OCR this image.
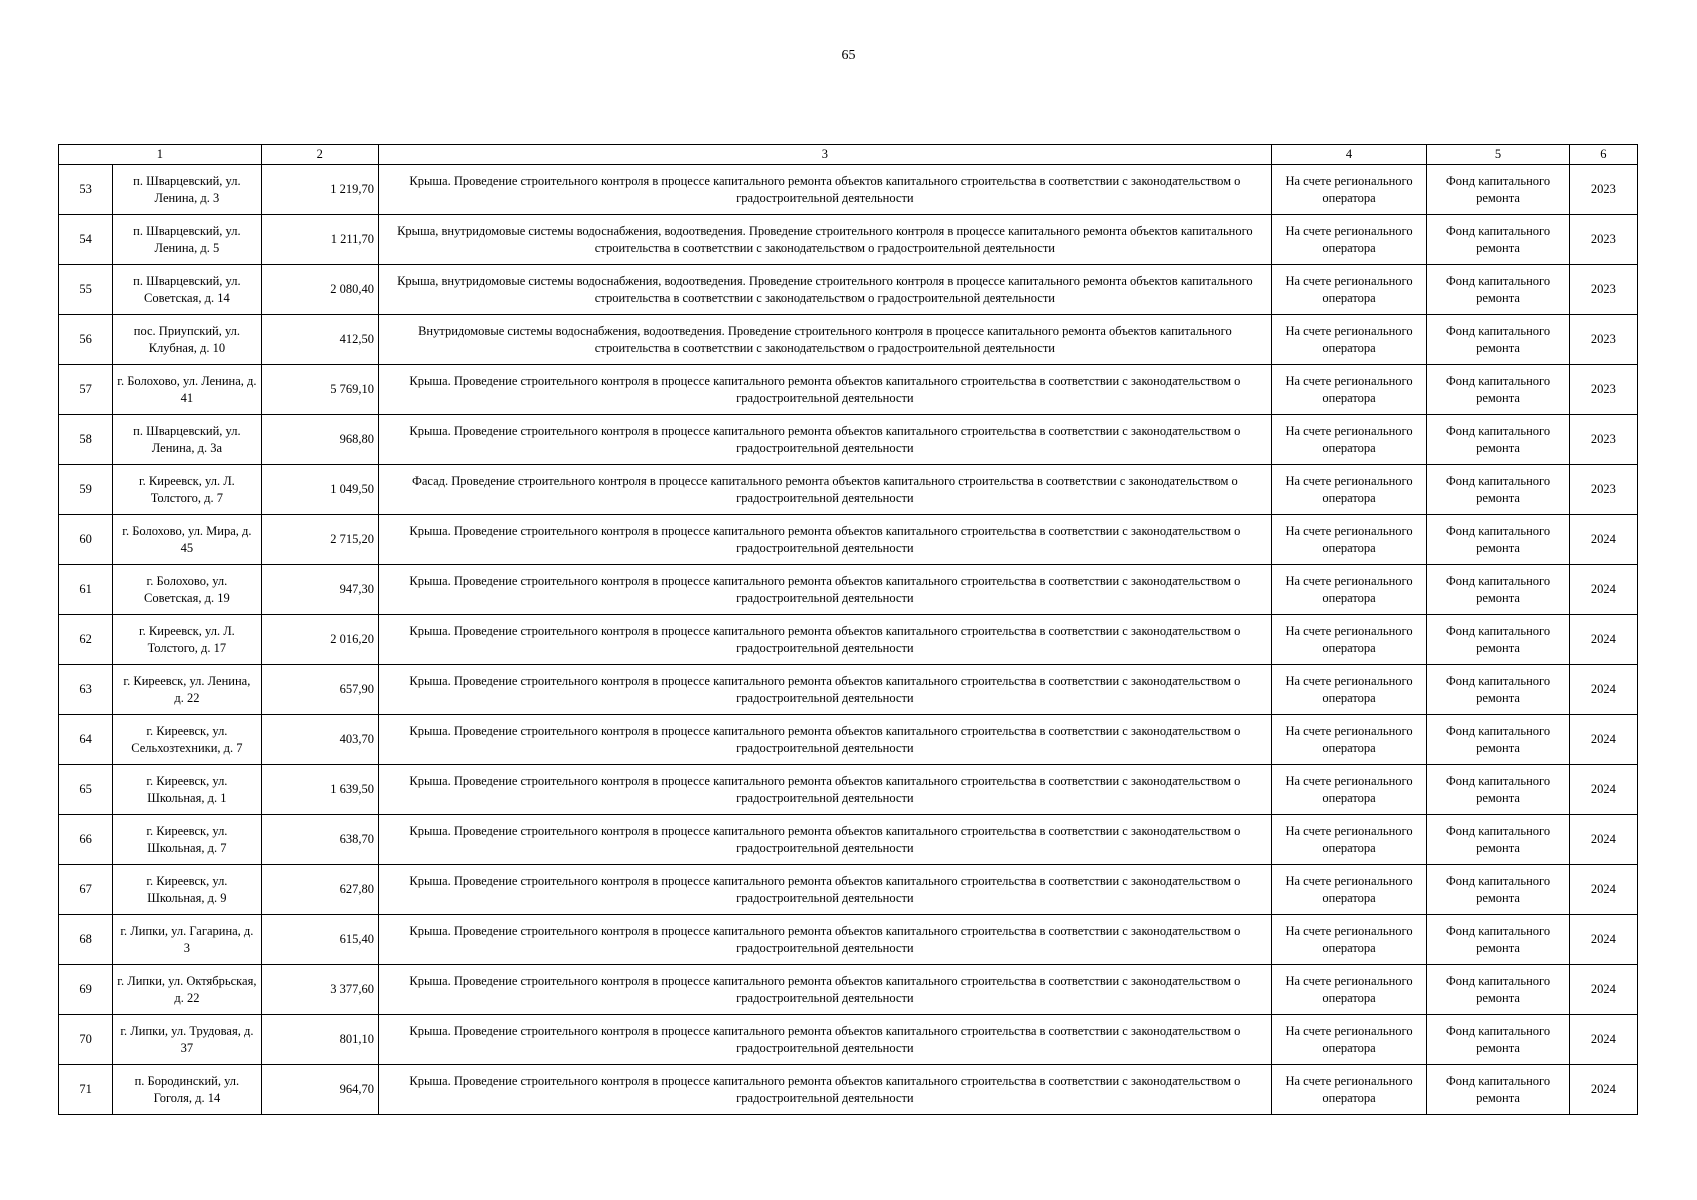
65
1		2	3	4	5	6
53	п. Шварцевский, ул. Ленина, д. 3	1 219,70	Крыша. Проведение строительного контроля в процессе капитального ремонта объектов капитального строительства в соответствии с законодательством о градостроительной деятельности	На счете регионального оператора	Фонд капитального ремонта	2023
54	п. Шварцевский, ул. Ленина, д. 5	1 211,70	Крыша, внутридомовые системы водоснабжения, водоотведения. Проведение строительного контроля в процессе капитального ремонта объектов капитального строительства в соответствии с законодательством о градостроительной деятельности	На счете регионального оператора	Фонд капитального ремонта	2023
55	п. Шварцевский, ул. Советская, д. 14	2 080,40	Крыша, внутридомовые системы водоснабжения, водоотведения. Проведение строительного контроля в процессе капитального ремонта объектов капитального строительства в соответствии с законодательством о градостроительной деятельности	На счете регионального оператора	Фонд капитального ремонта	2023
56	пос. Приупский, ул. Клубная, д. 10	412,50	Внутридомовые системы водоснабжения, водоотведения. Проведение строительного контроля в процессе капитального ремонта объектов капитального строительства в соответствии с законодательством о градостроительной деятельности	На счете регионального оператора	Фонд капитального ремонта	2023
57	г. Болохово, ул. Ленина, д. 41	5 769,10	Крыша. Проведение строительного контроля в процессе капитального ремонта объектов капитального строительства в соответствии с законодательством о градостроительной деятельности	На счете регионального оператора	Фонд капитального ремонта	2023
58	п. Шварцевский, ул. Ленина, д. 3а	968,80	Крыша. Проведение строительного контроля в процессе капитального ремонта объектов капитального строительства в соответствии с законодательством о градостроительной деятельности	На счете регионального оператора	Фонд капитального ремонта	2023
59	г. Киреевск, ул. Л. Толстого, д. 7	1 049,50	Фасад. Проведение строительного контроля в процессе капитального ремонта объектов капитального строительства в соответствии с законодательством о градостроительной деятельности	На счете регионального оператора	Фонд капитального ремонта	2023
60	г. Болохово, ул. Мира, д. 45	2 715,20	Крыша. Проведение строительного контроля в процессе капитального ремонта объектов капитального строительства в соответствии с законодательством о градостроительной деятельности	На счете регионального оператора	Фонд капитального ремонта	2024
61	г. Болохово, ул. Советская, д. 19	947,30	Крыша. Проведение строительного контроля в процессе капитального ремонта объектов капитального строительства в соответствии с законодательством о градостроительной деятельности	На счете регионального оператора	Фонд капитального ремонта	2024
62	г. Киреевск, ул. Л. Толстого, д. 17	2 016,20	Крыша. Проведение строительного контроля в процессе капитального ремонта объектов капитального строительства в соответствии с законодательством о градостроительной деятельности	На счете регионального оператора	Фонд капитального ремонта	2024
63	г. Киреевск, ул. Ленина, д. 22	657,90	Крыша. Проведение строительного контроля в процессе капитального ремонта объектов капитального строительства в соответствии с законодательством о градостроительной деятельности	На счете регионального оператора	Фонд капитального ремонта	2024
64	г. Киреевск, ул. Сельхозтехники, д. 7	403,70	Крыша. Проведение строительного контроля в процессе капитального ремонта объектов капитального строительства в соответствии с законодательством о градостроительной деятельности	На счете регионального оператора	Фонд капитального ремонта	2024
65	г. Киреевск, ул. Школьная, д. 1	1 639,50	Крыша. Проведение строительного контроля в процессе капитального ремонта объектов капитального строительства в соответствии с законодательством о градостроительной деятельности	На счете регионального оператора	Фонд капитального ремонта	2024
66	г. Киреевск, ул. Школьная, д. 7	638,70	Крыша. Проведение строительного контроля в процессе капитального ремонта объектов капитального строительства в соответствии с законодательством о градостроительной деятельности	На счете регионального оператора	Фонд капитального ремонта	2024
67	г. Киреевск, ул. Школьная, д. 9	627,80	Крыша. Проведение строительного контроля в процессе капитального ремонта объектов капитального строительства в соответствии с законодательством о градостроительной деятельности	На счете регионального оператора	Фонд капитального ремонта	2024
68	г. Липки, ул. Гагарина, д. 3	615,40	Крыша. Проведение строительного контроля в процессе капитального ремонта объектов капитального строительства в соответствии с законодательством о градостроительной деятельности	На счете регионального оператора	Фонд капитального ремонта	2024
69	г. Липки, ул. Октябрьская, д. 22	3 377,60	Крыша. Проведение строительного контроля в процессе капитального ремонта объектов капитального строительства в соответствии с законодательством о градостроительной деятельности	На счете регионального оператора	Фонд капитального ремонта	2024
70	г. Липки, ул. Трудовая, д. 37	801,10	Крыша. Проведение строительного контроля в процессе капитального ремонта объектов капитального строительства в соответствии с законодательством о градостроительной деятельности	На счете регионального оператора	Фонд капитального ремонта	2024
71	п. Бородинский, ул. Гоголя, д. 14	964,70	Крыша. Проведение строительного контроля в процессе капитального ремонта объектов капитального строительства в соответствии с законодательством о градостроительной деятельности	На счете регионального оператора	Фонд капитального ремонта	2024
